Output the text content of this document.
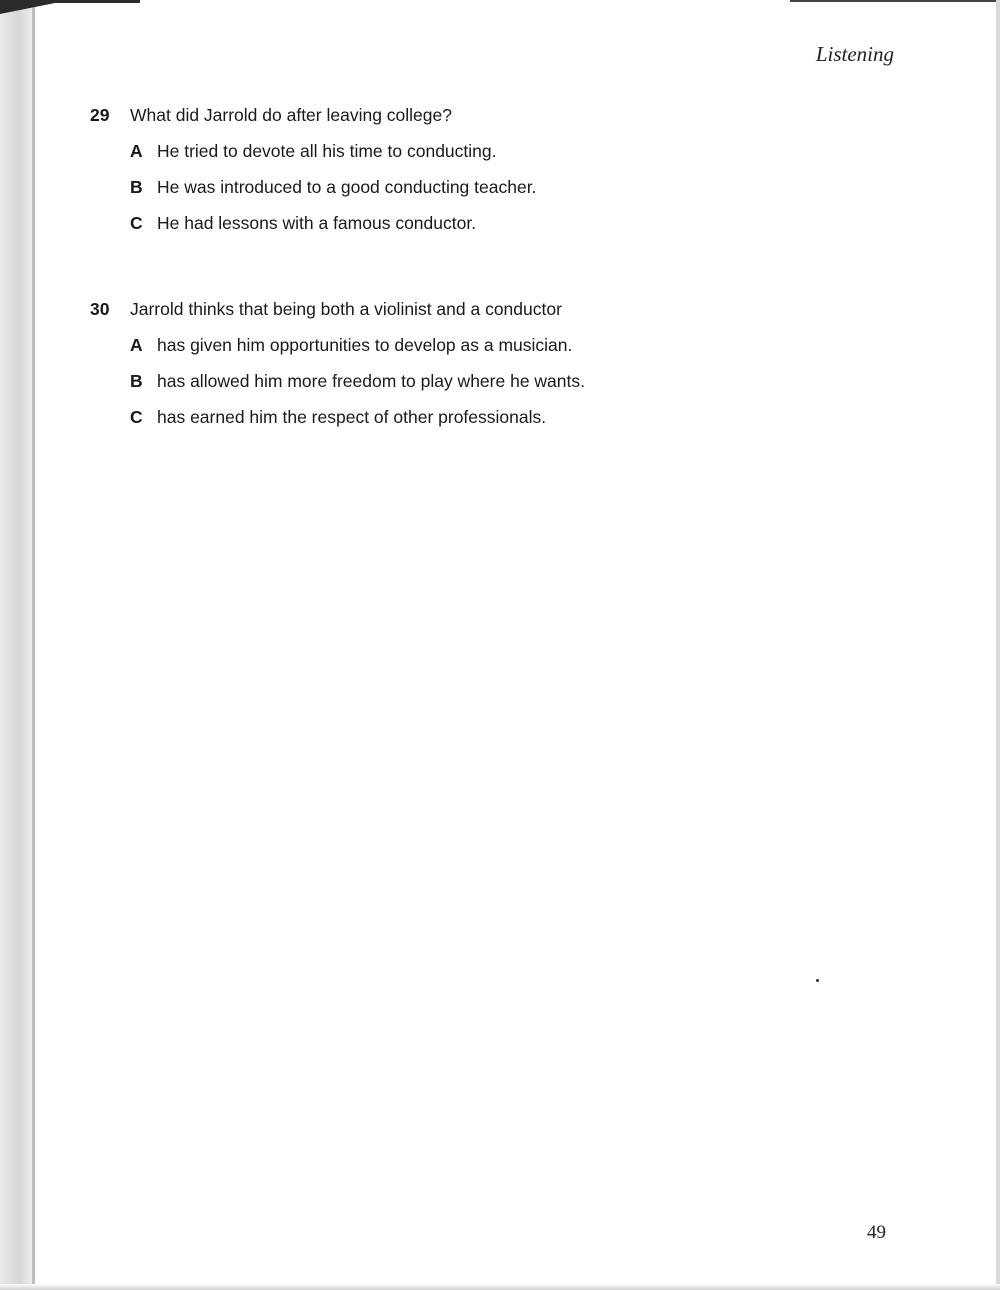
Listening
29	What did Jarrold do after leaving college?
A He tried to devote all his time to conducting.
B He was introduced to a good conducting teacher.
C He had lessons with a famous conductor.
30	Jarrold thinks that being both a violinist and a conductor
A has given him opportunities to develop as a musician.
B has allowed him more freedom to play where he wants.
C has earned him the respect of other professionals.
49
